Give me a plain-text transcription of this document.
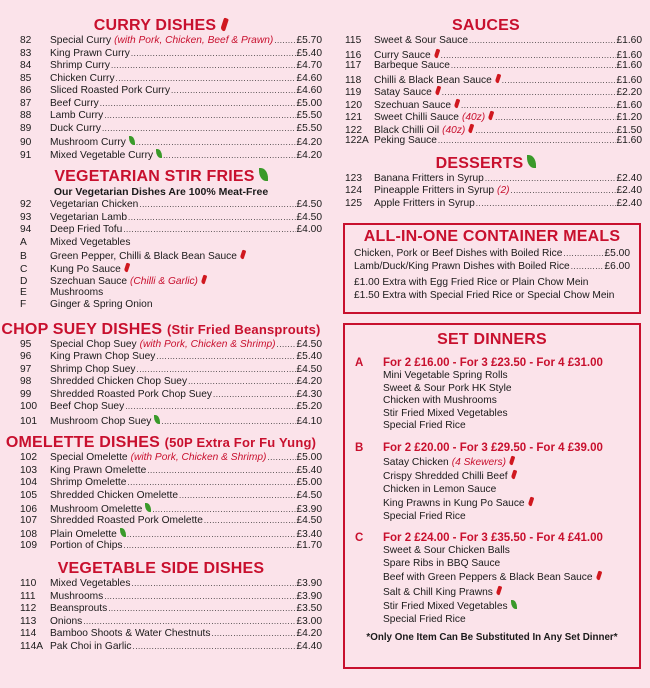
CURRY DISHES
82	Special Curry (with Pork, Chicken, Beef & Prawn) ..... £5.70
83	King Prawn Curry .....	£5.40
84	Shrimp Curry .....	£4.70
85	Chicken Curry .....	£4.60
86	Sliced Roasted Pork Curry .....	£4.60
87	Beef Curry .....	£5.00
88	Lamb Curry .....	£5.50
89	Duck Curry .....	£5.50
90	Mushroom Curry .....	£4.20
91	Mixed Vegetable Curry .....	£4.20
VEGETARIAN STIR FRIES
Our Vegetarian Dishes Are 100% Meat-Free
92	Vegetarian Chicken .....	£4.50
93	Vegetarian Lamb .....	£4.50
94	Deep Fried Tofu .....	£4.00
A	Mixed Vegetables
B	Green Pepper, Chilli & Black Bean Sauce
C	Kung Po Sauce
D	Szechuan Sauce (Chilli & Garlic)
E	Mushrooms
F	Ginger & Spring Onion
CHOP SUEY DISHES (Stir Fried Beansprouts)
95	Special Chop Suey (with Pork, Chicken & Shrimp) ..... £4.50
96	King Prawn Chop Suey .....	£5.40
97	Shrimp Chop Suey .....	£4.50
98	Shredded Chicken Chop Suey .....	£4.20
99	Shredded Roasted Pork Chop Suey .....	£4.30
100	Beef Chop Suey .....	£5.20
101	Mushroom Chop Suey .....	£4.10
OMELETTE DISHES (50P Extra For Fu Yung)
102	Special Omelette (with Pork, Chicken & Shrimp) .....	£5.00
103	King Prawn Omelette .....	£5.40
104	Shrimp Omelette .....	£5.00
105	Shredded Chicken Omelette .....	£4.50
106	Mushroom Omelette .....	£3.90
107	Shredded Roasted Pork Omelette .....	£4.50
108	Plain Omelette .....	£3.40
109	Portion of Chips .....	£1.70
VEGETABLE SIDE DISHES
110	Mixed Vegetables .....	£3.90
111	Mushrooms .....	£3.90
112	Beansprouts .....	£3.50
113	Onions .....	£3.00
114	Bamboo Shoots & Water Chestnuts .....	£4.20
114A Pak Choi in Garlic .....	£4.40
SAUCES
115	Sweet & Sour Sauce .....	£1.60
116	Curry Sauce .....	£1.60
117	Barbeque Sauce .....	£1.60
118	Chilli & Black Bean Sauce .....	£1.60
119	Satay Sauce .....	£2.20
120	Szechuan Sauce .....	£1.60
121	Sweet Chilli Sauce (40z) .....	£1.20
122	Black Chilli Oil (40z) .....	£1.50
122A Peking Sauce .....	£1.60
DESSERTS
123	Banana Fritters in Syrup .....	£2.40
124	Pineapple Fritters in Syrup (2) .....	£2.40
125	Apple Fritters in Syrup .....	£2.40
ALL-IN-ONE CONTAINER MEALS
Chicken, Pork or Beef Dishes with Boiled Rice .....	£5.00
Lamb/Duck/King Prawn Dishes with Boiled Rice .....	£6.00
£1.00 Extra with Egg Fried Rice or Plain Chow Mein
£1.50 Extra with Special Fried Rice or Special Chow Mein
SET DINNERS
A	For 2 £16.00 - For 3 £23.50 - For 4 £31.00
Mini Vegetable Spring Rolls
Sweet & Sour Pork HK Style
Chicken with Mushrooms
Stir Fried Mixed Vegetables
Special Fried Rice
B	For 2 £20.00 - For 3 £29.50 - For 4 £39.00
Satay Chicken (4 Skewers)
Crispy Shredded Chilli Beef
Chicken in Lemon Sauce
King Prawns in Kung Po Sauce
Special Fried Rice
C	For 2 £24.00 - For 3 £35.50 - For 4 £41.00
Sweet & Sour Chicken Balls
Spare Ribs in BBQ Sauce
Beef with Green Peppers & Black Bean Sauce
Salt & Chill King Prawns
Stir Fried Mixed Vegetables
Special Fried Rice
*Only One Item Can Be Substituted In Any Set Dinner*
